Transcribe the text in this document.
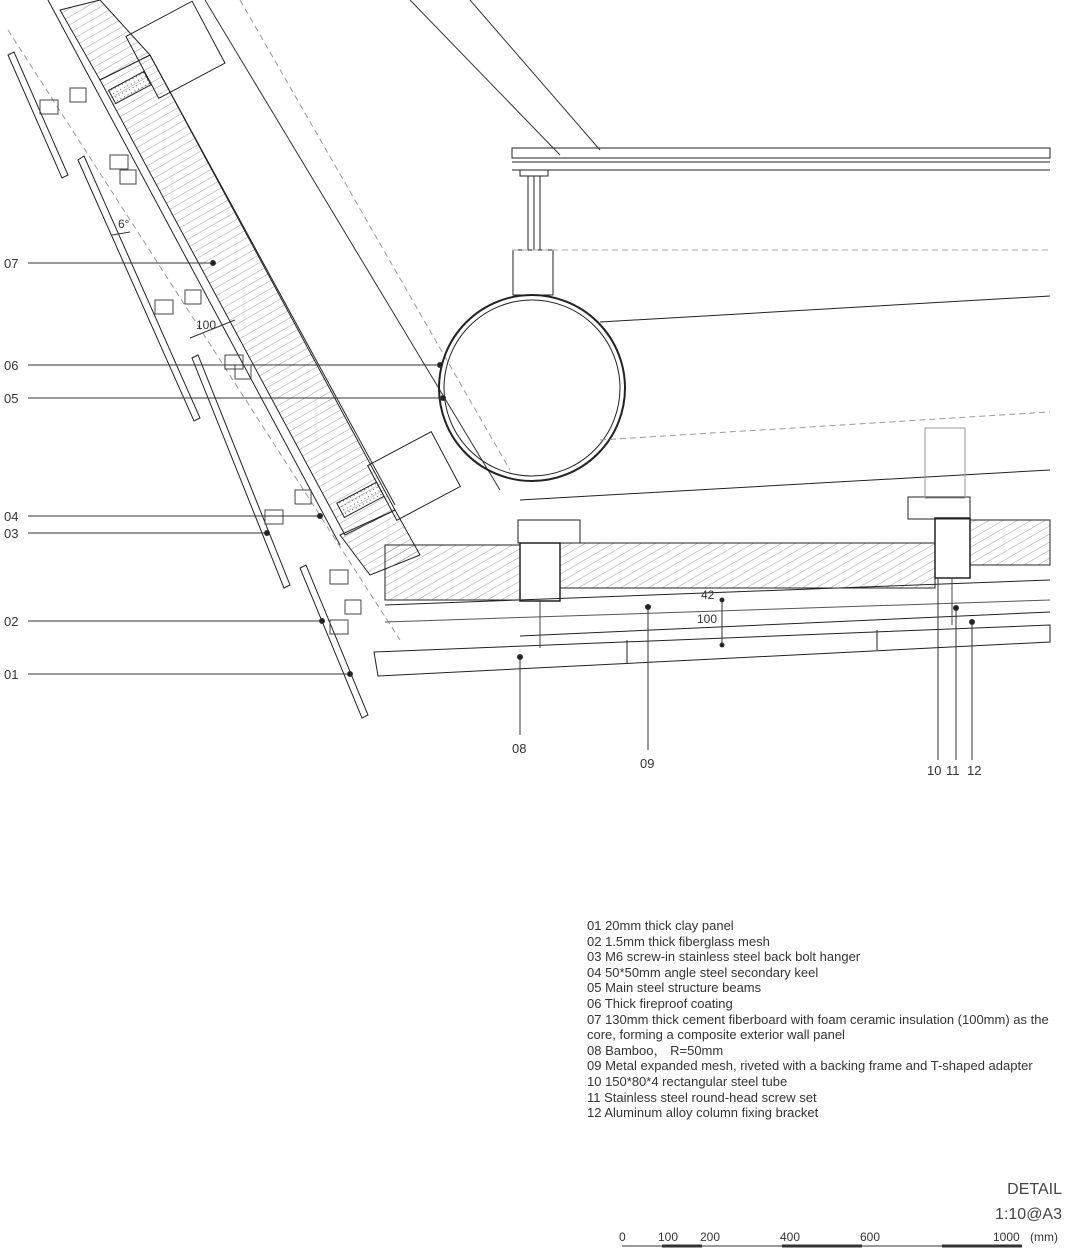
07
06
05
04
03
02
01
08
09	10 11 12
6°
100
42
100
0	100 200	400	600	1000 (mm)
01 20mm thick clay panel
02 1.5mm thick fiberglass mesh
03 M6 screw-in stainless steel back bolt hanger
04 50*50mm angle steel secondary keel
05 Main steel structure beams
06 Thick fireproof coating
07 130mm thick cement fiberboard with foam ceramic insulation (100mm) as the core, forming a composite exterior wall panel
08 Bamboo， R=50mm
09 Metal expanded mesh, riveted with a backing frame and T-shaped adapter
10 150*80*4 rectangular steel tube
11 Stainless steel round-head screw set
12 Aluminum alloy column fixing bracket
DETAIL
1:10@A3
